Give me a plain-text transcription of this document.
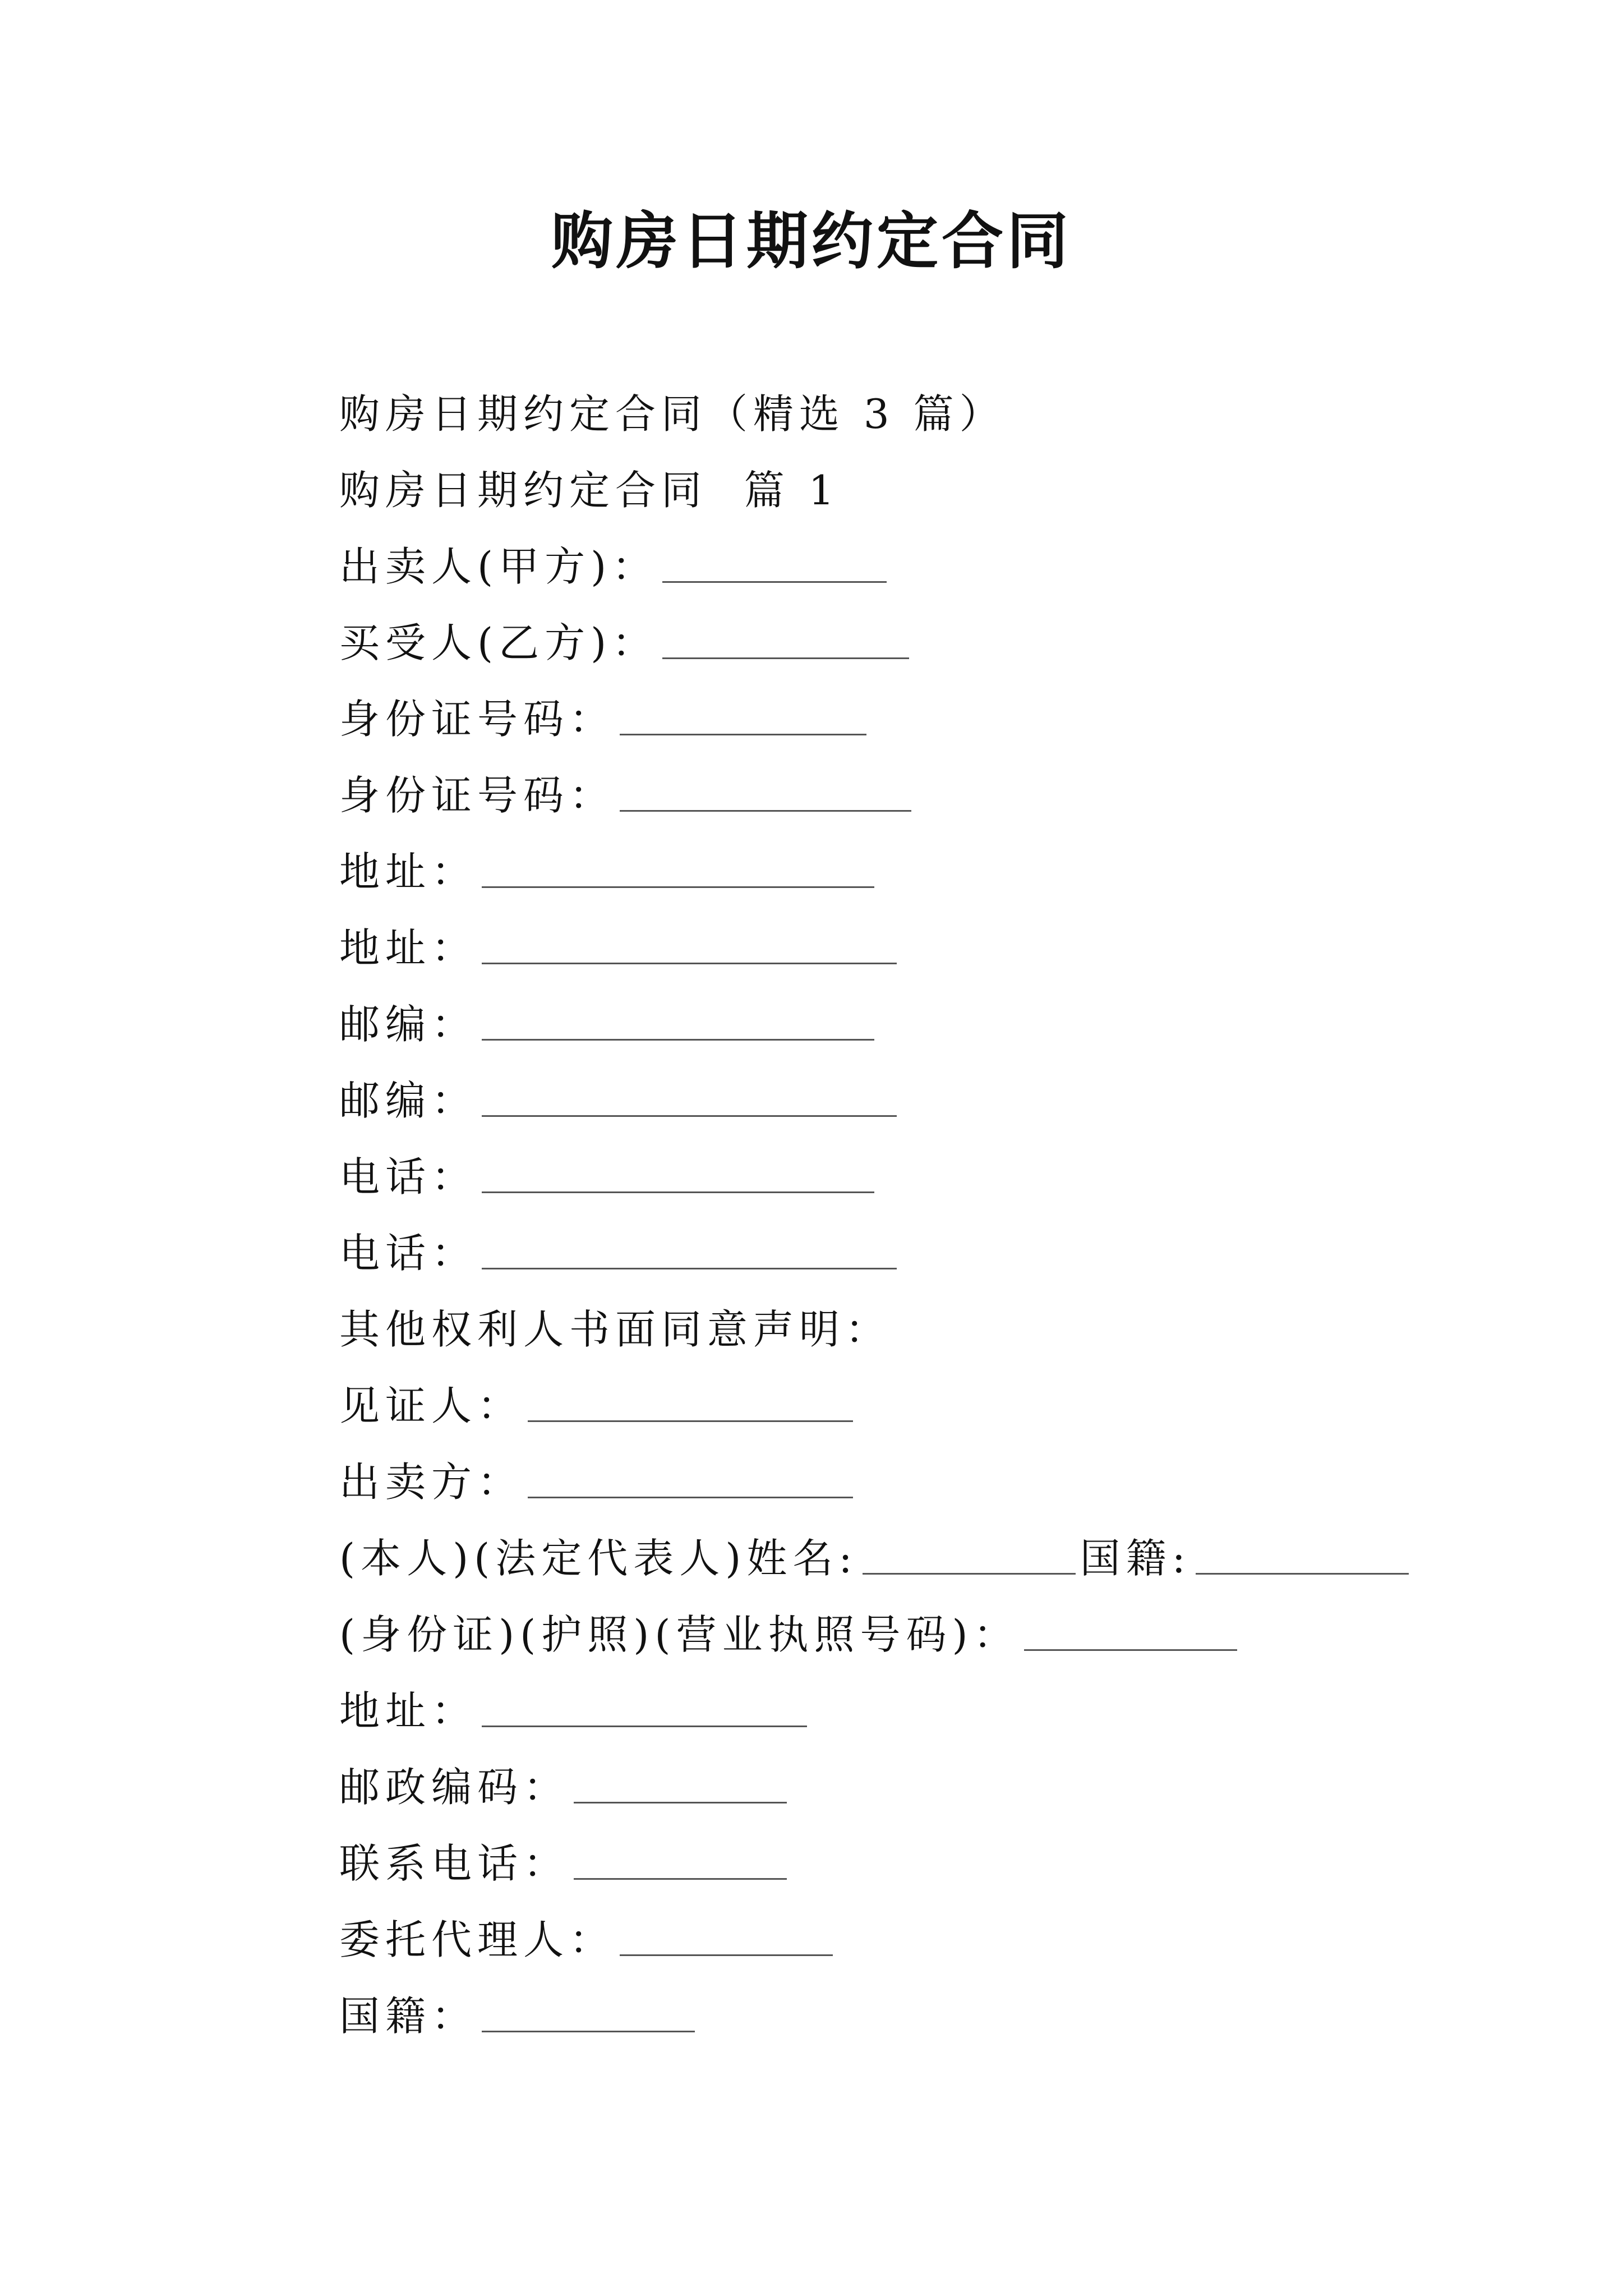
购房日期约定合同
购房日期约定合同（精选 3 篇）
购房日期约定合同  篇 1
出卖人(甲方)：
买受人(乙方)：
身份证号码：
身份证号码：
地址：
地址：
邮编：
邮编：
电话：
电话：
其他权利人书面同意声明：
见证人：
出卖方：
(本人)(法定代表人)姓名:	国籍:
(身份证)(护照)(营业执照号码)：
地址：
邮政编码：
联系电话：
委托代理人：
国籍：
